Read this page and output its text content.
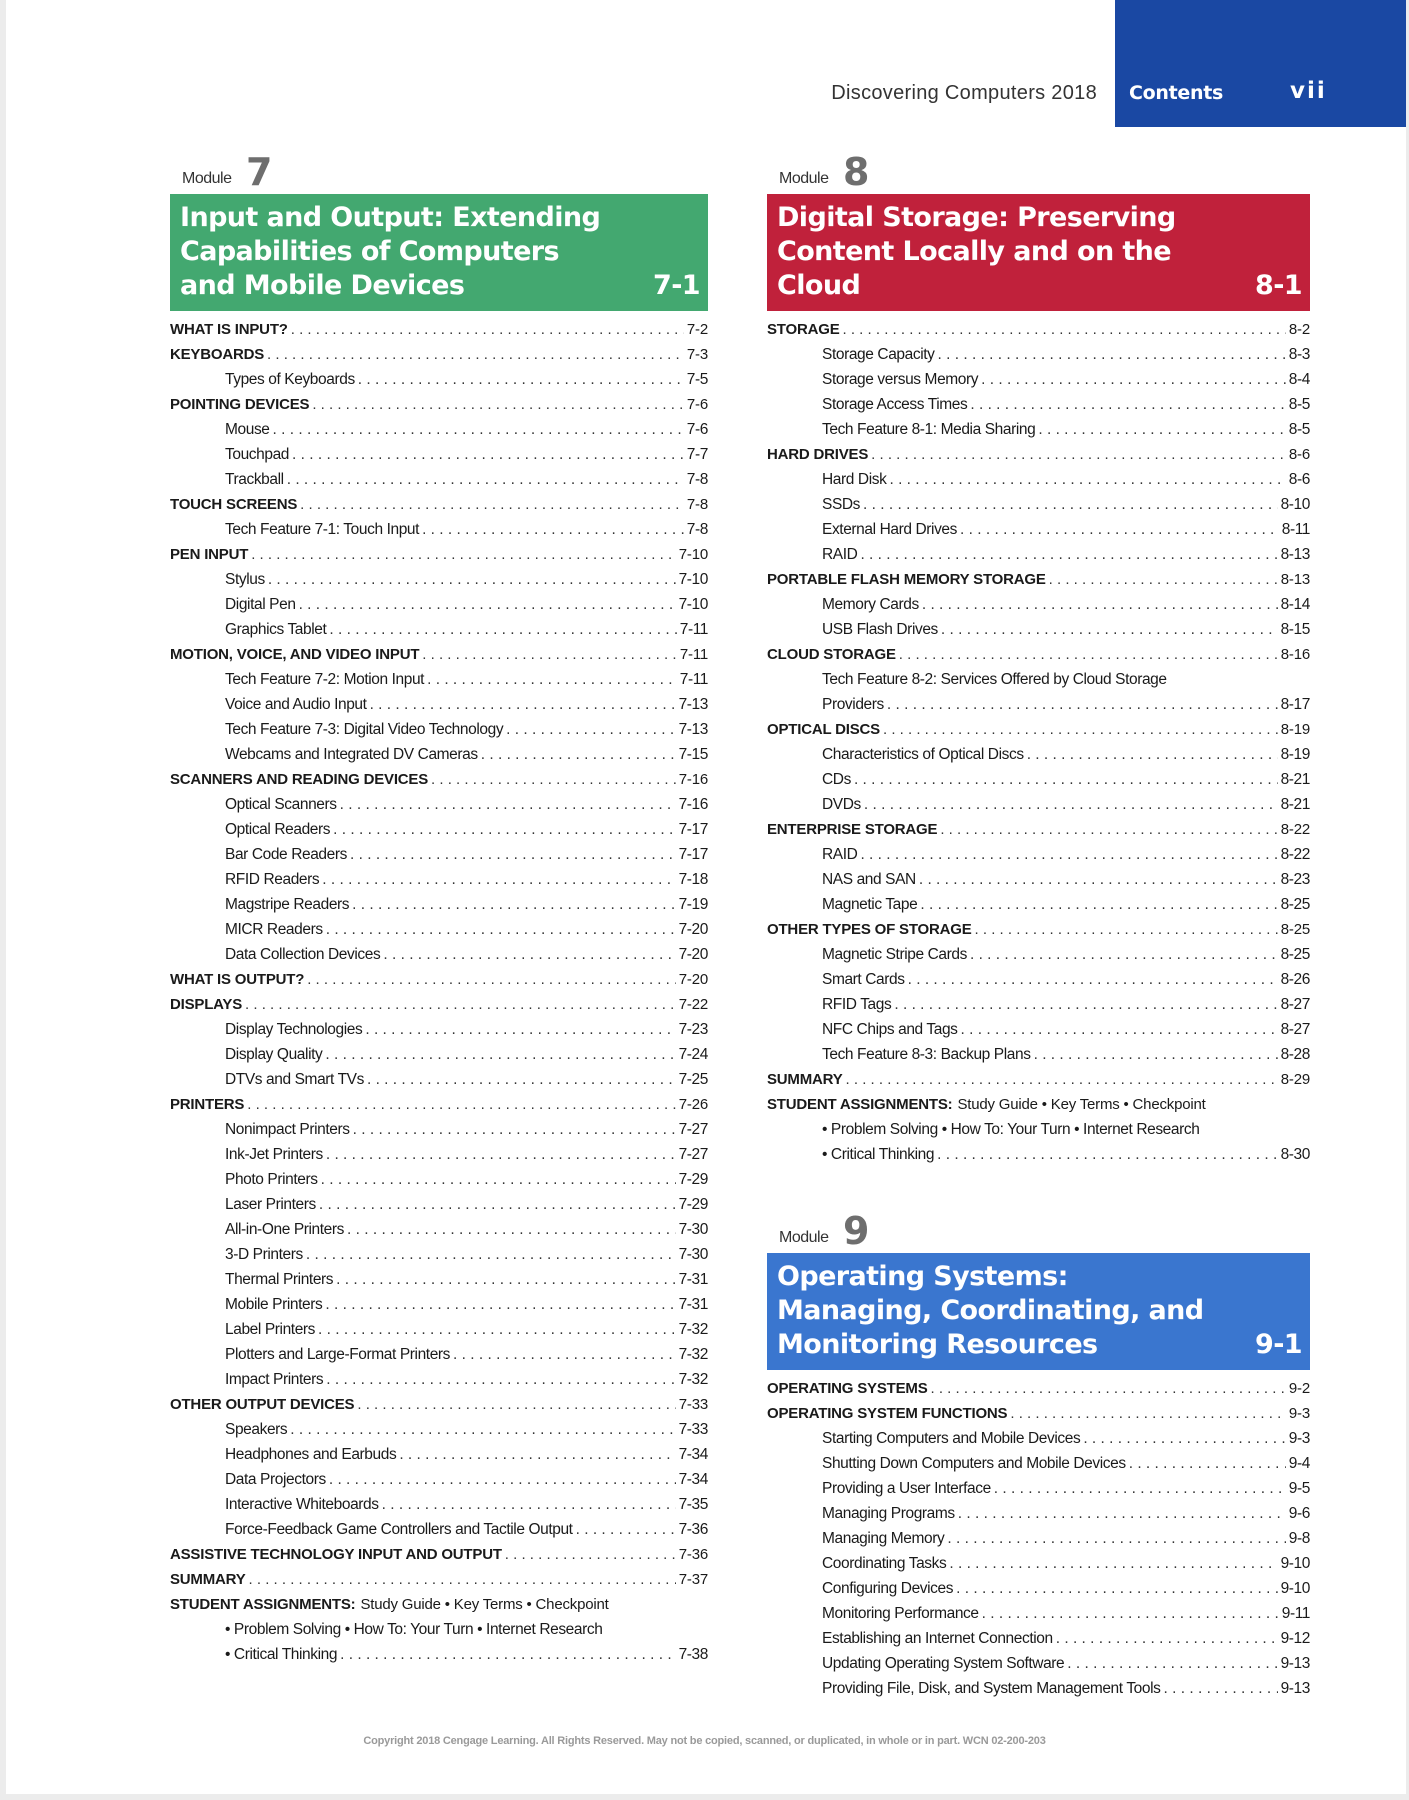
Discovering Computers 2018 Contents	vii
Module 7
Input and Output: Extending Capabilities of Computers and Mobile Devices	7-1
WHAT IS INPUT? . . .	7-2
KEYBOARDS . . .	7-3
Types of Keyboards . . .	7-5
POINTING DEVICES . . .	7-6
Mouse . . .	7-6
Touchpad . . .	7-7
Trackball . . .	7-8
TOUCH SCREENS . . .	7-8
Tech Feature 7-1: Touch Input . . .	7-8
PEN INPUT . . .	7-10
Stylus . . .	7-10
Digital Pen . . .	7-10
Graphics Tablet . . .	7-11
MOTION, VOICE, AND VIDEO INPUT . . .	7-11
Tech Feature 7-2: Motion Input . . .	7-11
Voice and Audio Input . . .	7-13
Tech Feature 7-3: Digital Video Technology . . .	7-13
Webcams and Integrated DV Cameras . . .	7-15
SCANNERS AND READING DEVICES . . .	7-16
Optical Scanners . . .	7-16
Optical Readers . . .	7-17
Bar Code Readers . . .	7-17
RFID Readers . . .	7-18
Magstripe Readers . . .	7-19
MICR Readers . . .	7-20
Data Collection Devices . . .	7-20
WHAT IS OUTPUT? . . .	7-20
DISPLAYS . . .	7-22
Display Technologies . . .	7-23
Display Quality . . .	7-24
DTVs and Smart TVs . . .	7-25
PRINTERS . . .	7-26
Nonimpact Printers . . .	7-27
Ink-Jet Printers . . .	7-27
Photo Printers . . .	7-29
Laser Printers . . .	7-29
All-in-One Printers . . .	7-30
3-D Printers . . .	7-30
Thermal Printers . . .	7-31
Mobile Printers . . .	7-31
Label Printers . . .	7-32
Plotters and Large-Format Printers . . .	7-32
Impact Printers . . .	7-32
OTHER OUTPUT DEVICES . . .	7-33
Speakers . . .	7-33
Headphones and Earbuds . . .	7-34
Data Projectors . . .	7-34
Interactive Whiteboards . . .	7-35
Force-Feedback Game Controllers and Tactile Output . . .	7-36
ASSISTIVE TECHNOLOGY INPUT AND OUTPUT . . .	7-36
SUMMARY . . .	7-37
STUDENT ASSIGNMENTS: Study Guide • Key Terms • Checkpoint
• Problem Solving • How To: Your Turn • Internet Research
• Critical Thinking . . .	7-38
Module 8
Digital Storage: Preserving Content Locally and on the Cloud	8-1
STORAGE . . .	8-2
Storage Capacity . . .	8-3
Storage versus Memory . . .	8-4
Storage Access Times . . .	8-5
Tech Feature 8-1: Media Sharing . . .	8-5
HARD DRIVES . . .	8-6
Hard Disk . . .	8-6
SSDs . . .	8-10
External Hard Drives . . .	8-11
RAID . . .	8-13
PORTABLE FLASH MEMORY STORAGE . . .	8-13
Memory Cards . . .	8-14
USB Flash Drives . . .	8-15
CLOUD STORAGE . . .	8-16
Tech Feature 8-2: Services Offered by Cloud Storage
Providers . . .	8-17
OPTICAL DISCS . . .	8-19
Characteristics of Optical Discs . . .	8-19
CDs . . .	8-21
DVDs . . .	8-21
ENTERPRISE STORAGE . . .	8-22
RAID . . .	8-22
NAS and SAN . . .	8-23
Magnetic Tape . . .	8-25
OTHER TYPES OF STORAGE . . .	8-25
Magnetic Stripe Cards . . .	8-25
Smart Cards . . .	8-26
RFID Tags . . .	8-27
NFC Chips and Tags . . .	8-27
Tech Feature 8-3: Backup Plans . . .	8-28
SUMMARY . . .	8-29
STUDENT ASSIGNMENTS: Study Guide • Key Terms • Checkpoint
• Problem Solving • How To: Your Turn • Internet Research
• Critical Thinking . . .	8-30
Module 9
Operating Systems: Managing, Coordinating, and Monitoring Resources	9-1
OPERATING SYSTEMS . . .	9-2
OPERATING SYSTEM FUNCTIONS . . .	9-3
Starting Computers and Mobile Devices . . .	9-3
Shutting Down Computers and Mobile Devices . . .	9-4
Providing a User Interface . . .	9-5
Managing Programs . . .	9-6
Managing Memory . . .	9-8
Coordinating Tasks . . .	9-10
Configuring Devices . . .	9-10
Monitoring Performance . . .	9-11
Establishing an Internet Connection . . .	9-12
Updating Operating System Software . . .	9-13
Providing File, Disk, and System Management Tools . . .	9-13
Copyright 2018 Cengage Learning. All Rights Reserved. May not be copied, scanned, or duplicated, in whole or in part. WCN 02-200-203
